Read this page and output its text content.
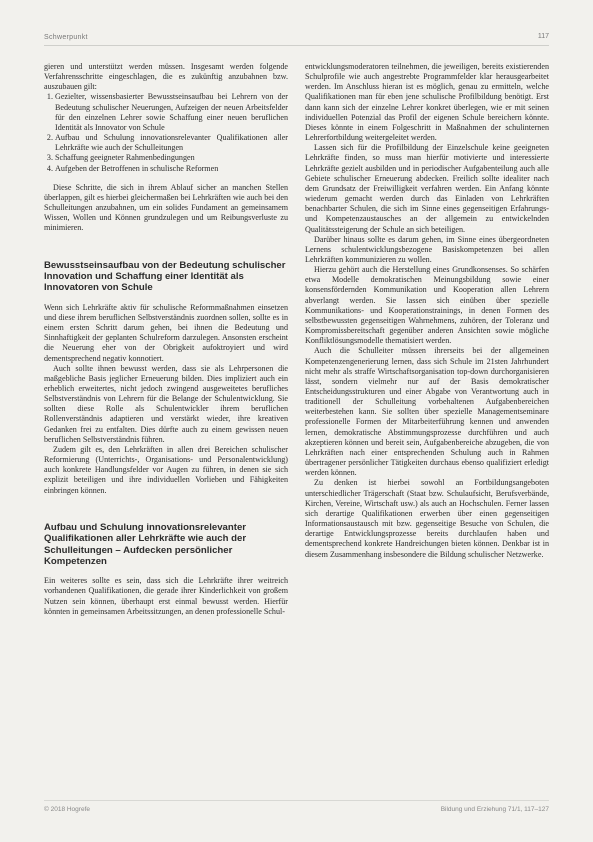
Schwerpunkt	117

gieren und unterstützt werden müssen. Insgesamt werden folgende Verfahrensschritte eingeschlagen, die es zukünftig anzubahnen bzw. auszubauen gilt:

1. Gezielter, wissensbasierter Bewusstseinsaufbau bei Lehrern von der Bedeutung schulischer Neuerungen, Aufzeigen der neuen Arbeitsfelder für den einzelnen Lehrer sowie Schaffung einer neuen beruflichen Identität als Innovator von Schule
2. Aufbau und Schulung innovationsrelevanter Qualifikationen aller Lehrkräfte wie auch der Schulleitungen
3. Schaffung geeigneter Rahmenbedingungen
4. Aufgeben der Betroffenen in schulische Reformen

Diese Schritte, die sich in ihrem Ablauf sicher an manchen Stellen überlappen, gilt es hierbei gleichermaßen bei Lehrkräften wie auch bei den Schulleitungen anzubahnen, um ein solides Fundament an gemeinsamem Wissen, Wollen und Können grundzulegen und um Reibungsverluste zu minimieren.

Bewusstseinsaufbau von der Bedeutung schulischer Innovation und Schaffung einer Identität als Innovatoren von Schule

Wenn sich Lehrkräfte aktiv für schulische Reformmaßnahmen einsetzen und diese ihrem beruflichen Selbstverständnis zuordnen sollen, sollte es in einem ersten Schritt darum gehen, bei ihnen die Bedeutung und Sinnhaftigkeit der geplanten Schulreform darzulegen. Ansonsten erscheint die Neuerung eher von der Obrigkeit aufoktroyiert und wird dementsprechend negativ konnotiert.

Auch sollte ihnen bewusst werden, dass sie als Lehrpersonen die maßgebliche Basis jeglicher Erneuerung bilden. Dies impliziert auch ein erheblich erweitertes, nicht jedoch zwingend ausgeweitetes berufliches Selbstverständnis von Lehrern für die Belange der Schulentwicklung. Sie sollten diese Rolle als Schulentwickler ihrem beruflichen Rollenverständnis adaptieren und verstärkt wieder, ihre kreativen Gedanken frei zu entfalten. Dies dürfte auch zu einem gewissen neuen beruflichen Selbstverständnis führen.

Zudem gilt es, den Lehrkräften in allen drei Bereichen schulischer Reformierung (Unterrichts-, Organisations- und Personalentwicklung) auch konkrete Handlungsfelder vor Augen zu führen, in denen sie sich explizit beteiligen und ihre individuellen Vorlieben und Fähigkeiten einbringen können.

Aufbau und Schulung innovationsrelevanter Qualifikationen aller Lehrkräfte wie auch der Schulleitungen – Aufdecken persönlicher Kompetenzen

Ein weiteres sollte es sein, dass sich die Lehrkräfte ihrer weitreich vorhandenen Qualifikationen, die gerade ihrer Kinderlichkeit von großem Nutzen sein können, überhaupt erst einmal bewusst werden. Hierfür könnten in gemeinsamen Arbeitssitzungen, an denen professionelle Schul-

entwicklungsmoderatoren teilnehmen, die jeweiligen, bereits existierenden Schulprofile wie auch angestrebte Programmfelder klar herausgearbeitet werden. Im Anschluss hieran ist es möglich, genau zu ermitteln, welche Qualifikationen man für eben jene schulische Profilbildung benötigt. Erst dann kann sich der einzelne Lehrer konkret überlegen, wie er mit seinen individuellen Potenzial das Profil der eigenen Schule bereichern könnte. Dieses könnte in einem Folgeschritt in Maßnahmen der schulinternen Lehrerfortbildung weitergeleitet werden.

Lassen sich für die Profilbildung der Einzelschule keine geeigneten Lehrkräfte finden, so muss man hierfür motivierte und interessierte Lehrkräfte gezielt ausbilden und in periodischer Aufgabenteilung auch alle Gebiete schulischer Erneuerung abdecken. Freilich sollte idealiter nach dem Grundsatz der Freiwilligkeit verfahren werden. Ein Anfang könnte wiederum gemacht werden durch das Einladen von Lehrkräften benachbarter Schulen, die sich im Sinne eines gegenseitigen Erfahrungs- und Kompetenzaustausches an der allgemein zu entwickelnden Qualitätssteigerung der Schule an sich beteiligen.

Darüber hinaus sollte es darum gehen, im Sinne eines übergeordneten Lernens schulentwicklungsbezogene Basiskompetenzen bei allen Lehrkräften kommunizieren zu wollen.

Hierzu gehört auch die Herstellung eines Grundkonsenses. So schärfen etwa Modelle demokratischen Meinungsbildung sowie einer konsensfördernden Kommunikation und Kooperation allen Lehrern abverlangt werden. Sie lassen sich einüben über spezielle Kommunikations- und Kooperationstrainings, in denen Formen des selbstbewussten gegenseitigen Wahrnehmens, zuhören, der Toleranz und Kompromissbereitschaft gegenüber anderen Ansichten sowie mögliche Konfliktlösungsmodelle thematisiert werden.

Auch die Schulleiter müssen ihrerseits bei der allgemeinen Kompetenzengenerierung lernen, dass sich Schule im 21sten Jahrhundert nicht mehr als straffe Wirtschaftsorganisation top-down durchorganisieren lässt, sondern vielmehr nur auf der Basis demokratischer Entscheidungsstrukturen und einer Abgabe von Verantwortung auch in traditionell der Schulleitung vorbehaltenen Aufgabenbereichen weiterbestehen kann. Sie sollten über spezielle Managementseminare professionelle Formen der Mitarbeiterführung kennen und anwenden lernen, demokratische Abstimmungsprozesse durchführen und auch akzeptieren können und bereit sein, Aufgabenbereiche abzugeben, die von Lehrkräften nach einer entsprechenden Schulung auch in Rahmen übertragener persönlicher Tätigkeiten durchaus ebenso qualifiziert erledigt werden können.

Zu denken ist hierbei sowohl an Fortbildungsangeboten unterschiedlicher Trägerschaft (Staat bzw. Schulaufsicht, Berufsverbände, Kirchen, Vereine, Wirtschaft usw.) als auch an Hochschulen. Ferner lassen sich derartige Qualifikationen erwerben über einen gegenseitigen Informationsaustausch mit bzw. gegenseitige Besuche von Schulen, die derartige Entwicklungsprozesse bereits durchlaufen haben und dementsprechend konkrete Handreichungen bieten können. Denkbar ist in diesem Zusammenhang insbesondere die Bildung schulischer Netzwerke.

© 2018 Hogrefe	Bildung und Erziehung 71/1, 117–127
